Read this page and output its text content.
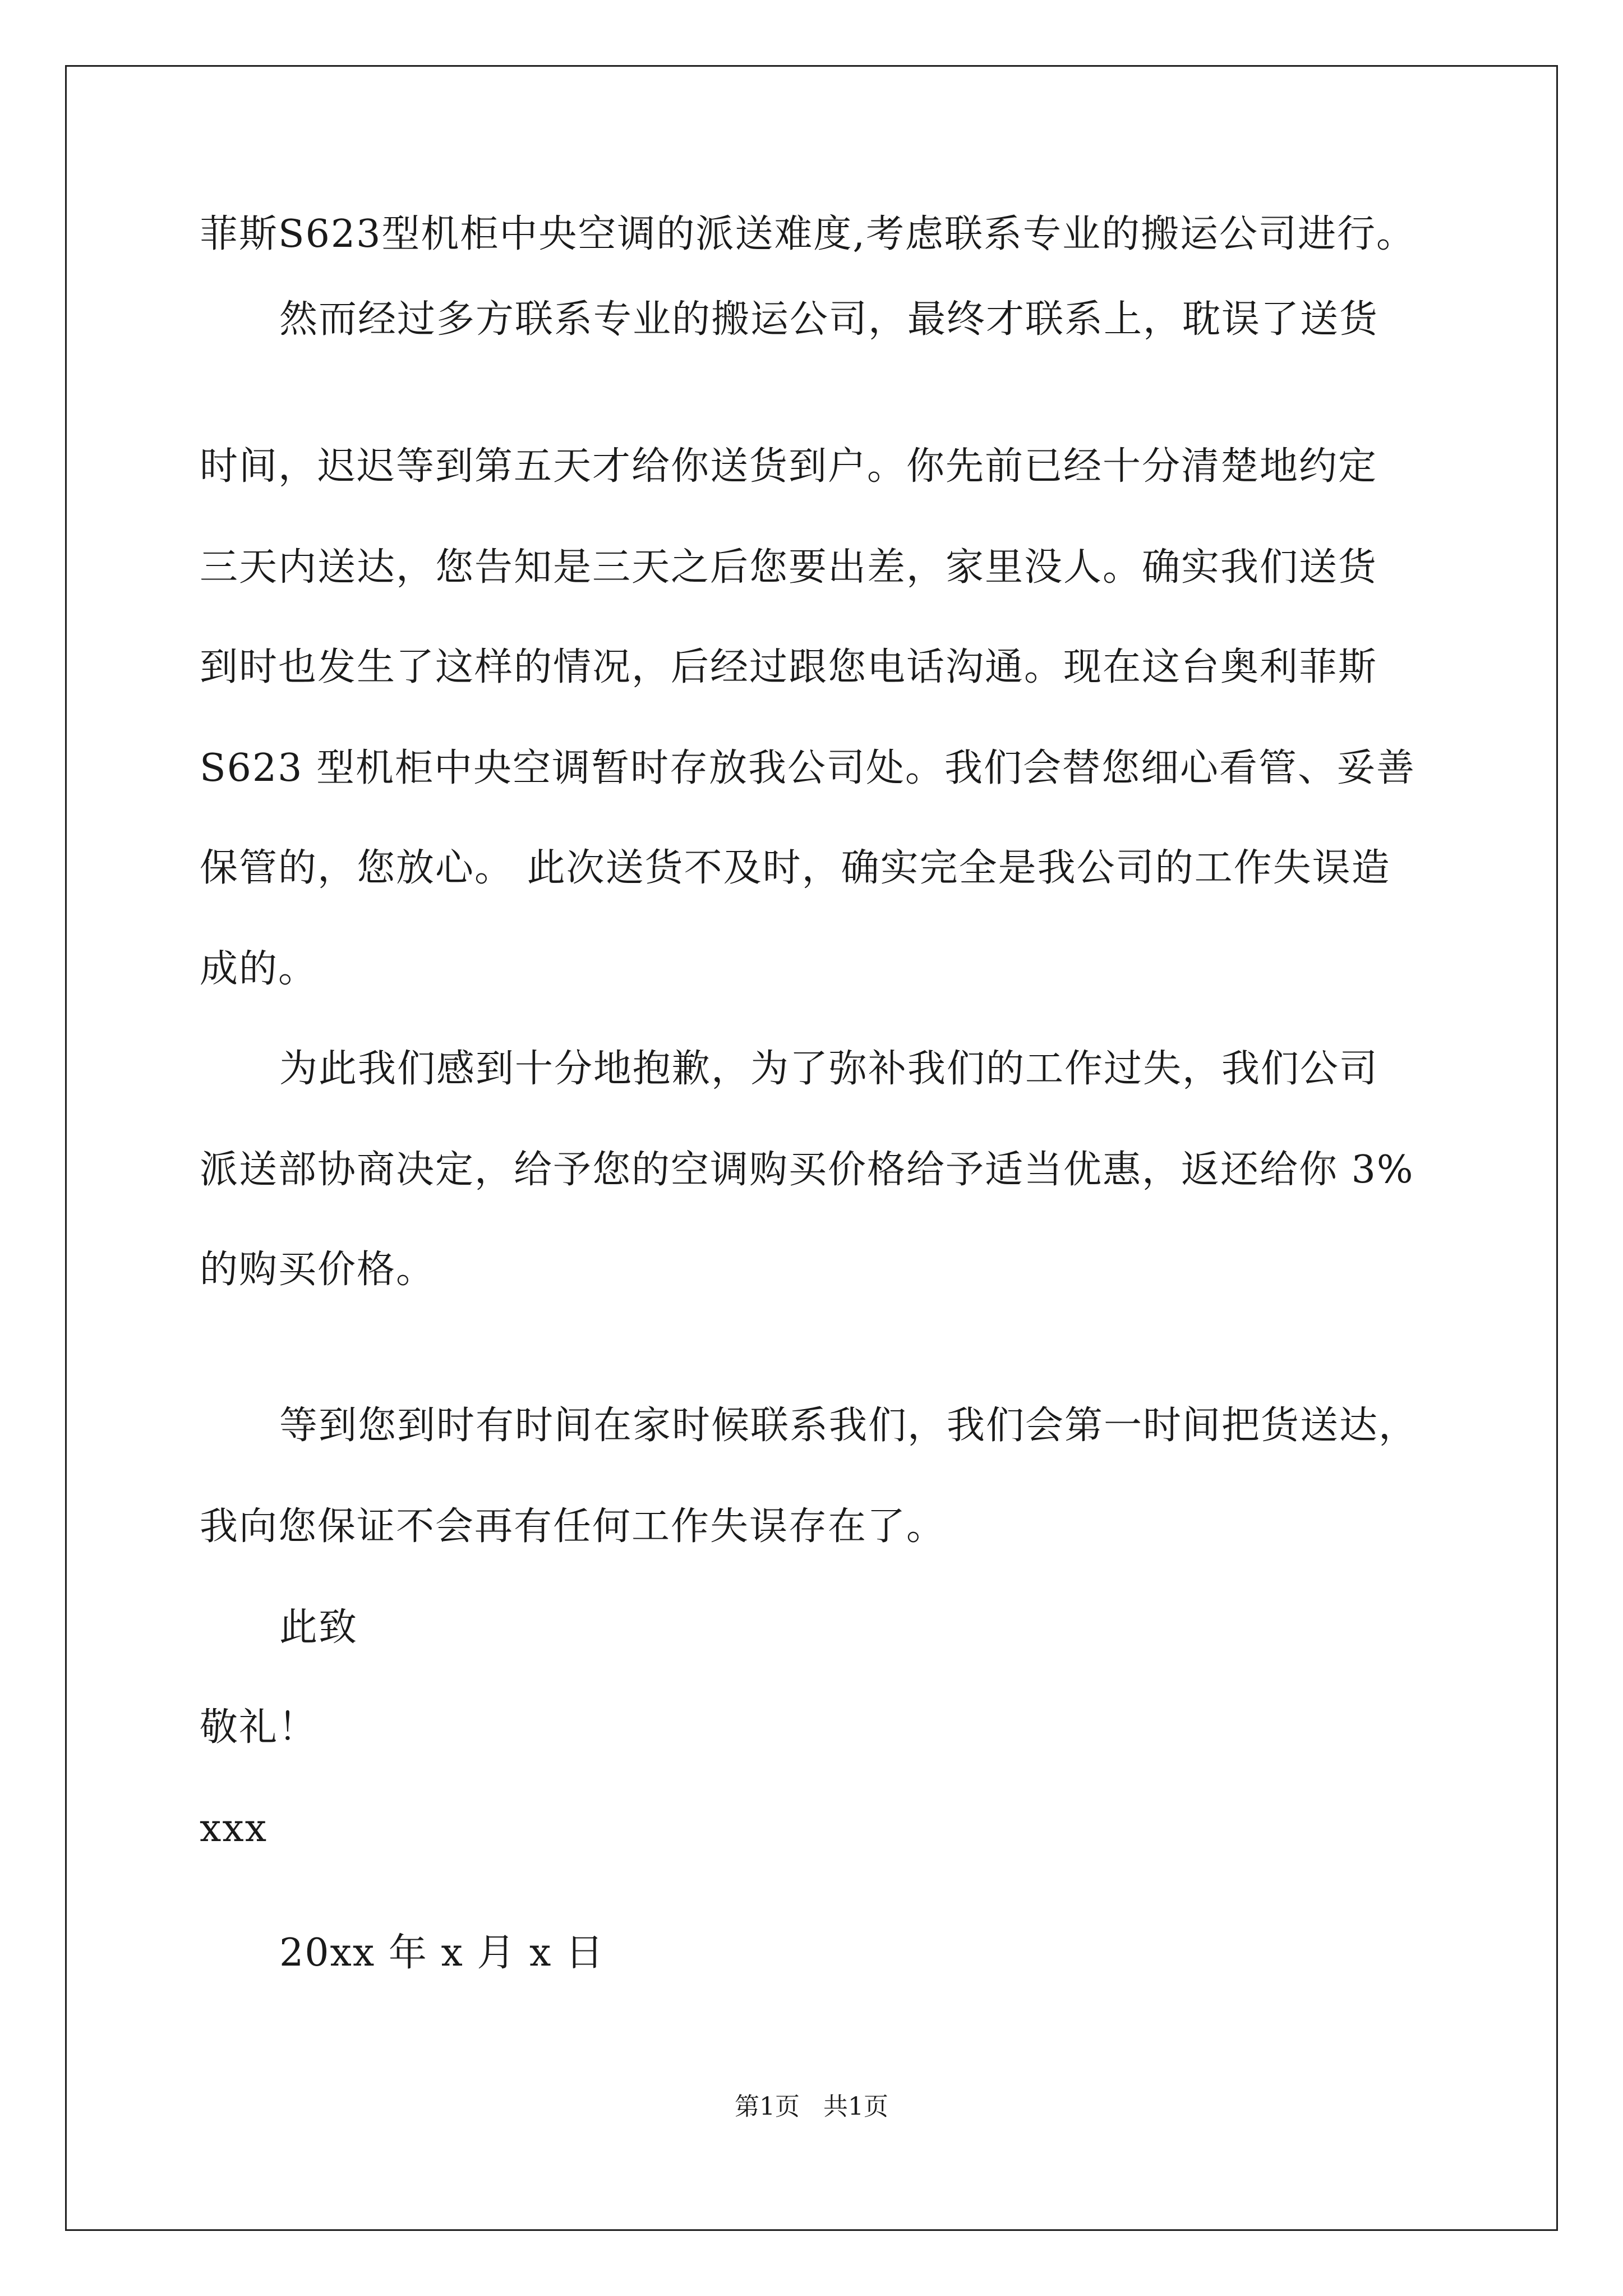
菲斯S623型机柜中央空调的派送难度,考虑联系专业的搬运公司进行。
然而经过多方联系专业的搬运公司，最终才联系上，耽误了送货
时间，迟迟等到第五天才给你送货到户。你先前已经十分清楚地约定
三天内送达，您告知是三天之后您要出差，家里没人。确实我们送货
到时也发生了这样的情况，后经过跟您电话沟通。现在这台奥利菲斯
S623 型机柜中央空调暂时存放我公司处。我们会替您细心看管、妥善
保管的，您放心。 此次送货不及时，确实完全是我公司的工作失误造
成的。
为此我们感到十分地抱歉，为了弥补我们的工作过失，我们公司
派送部协商决定，给予您的空调购买价格给予适当优惠，返还给你 3%
的购买价格。
等到您到时有时间在家时候联系我们，我们会第一时间把货送达，
我向您保证不会再有任何工作失误存在了。
此致
敬礼！
xxx
20xx 年 x 月 x 日
第1页   共1页
